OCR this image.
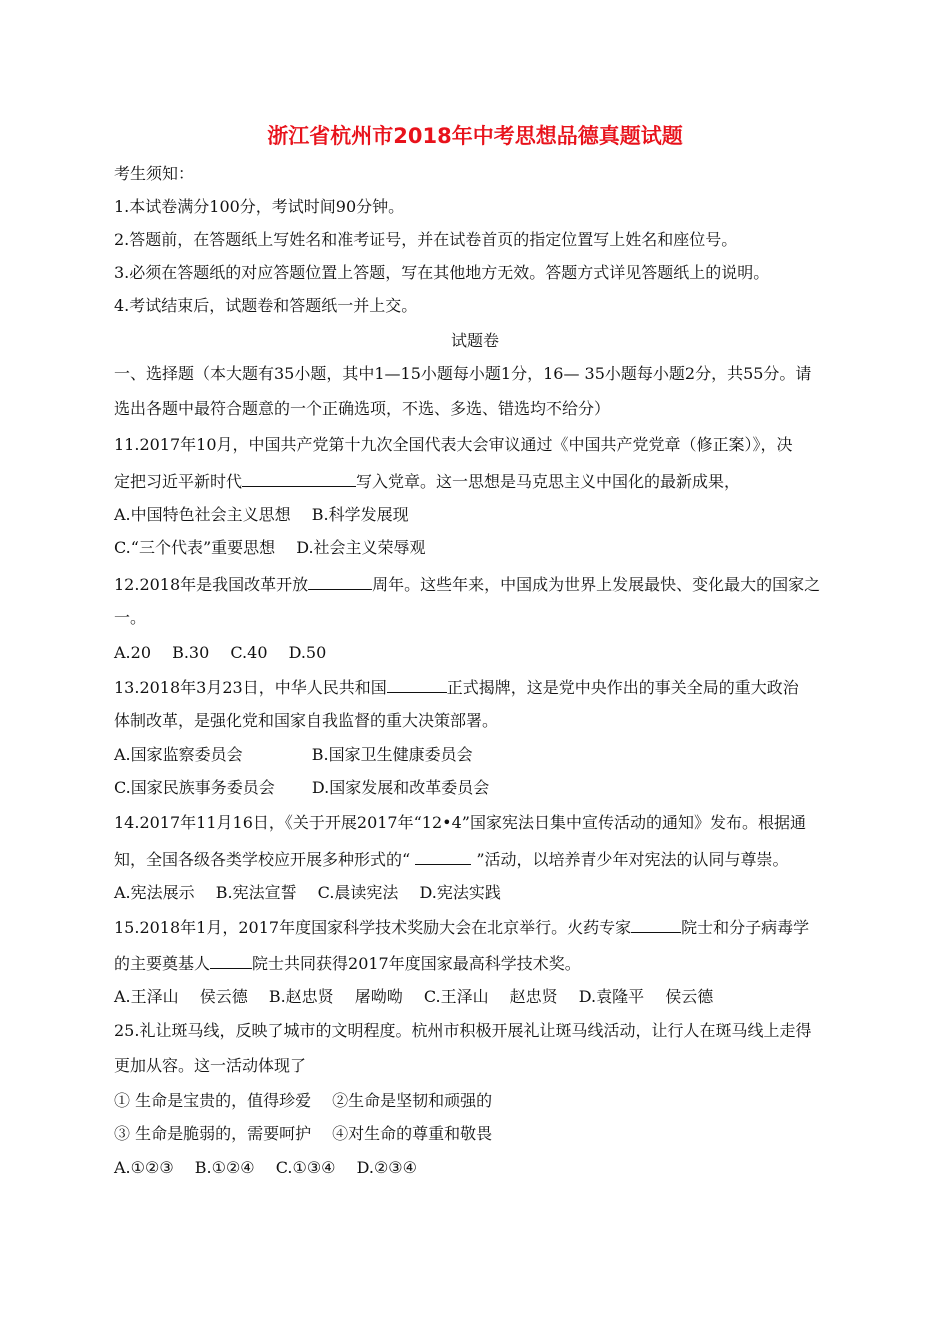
浙江省杭州市2018年中考思想品德真题试题
考生须知：
1.本试卷满分100分，考试时间90分钟。
2.答题前，在答题纸上写姓名和准考证号，并在试卷首页的指定位置写上姓名和座位号。
3.必须在答题纸的对应答题位置上答题，写在其他地方无效。答题方式详见答题纸上的说明。
4.考试结束后，试题卷和答题纸一并上交。
试题卷
一、选择题（本大题有35小题，其中1—15小题每小题1分，16— 35小题每小题2分，共55分。请
选出各题中最符合题意的一个正确选项，不选、多选、错选均不给分）
11.2017年10月，中国共产党第十九次全国代表大会审议通过《中国共产党党章（修正案）》，决
定把习近平新时代	写入党章。这一思想是马克思主义中国化的最新成果，
A.中国特色社会主义思想　 B.科学发展现
C.“三个代表”重要思想　 D.社会主义荣辱观
12.2018年是我国改革开放	周年。这些年来，中国成为世界上发展最快、变化最大的国家之
一。
A.20　 B.30　 C.40　 D.50
13.2018年3月23日，中华人民共和国	正式揭牌，这是党中央作出的事关全局的重大政治
体制改革，是强化党和国家自我监督的重大决策部署。
A.国家监察委员会　　　　 B.国家卫生健康委员会
C.国家民族事务委员会　　 D.国家发展和改革委员会
14.2017年11月16日，《关于开展2017年“12•4”国家宪法日集中宣传活动的通知》发布。根据通
知，全国各级各类学校应开展多种形式的“	”活动，以培养青少年对宪法的认同与尊崇。
A.宪法展示　 B.宪法宣誓　 C.晨读宪法　 D.宪法实践
15.2018年1月，2017年度国家科学技术奖励大会在北京举行。火药专家	院士和分子病毒学
的主要奠基人	院士共同获得2017年度国家最高科学技术奖。
A.王泽山　 侯云德　 B.赵忠贤　 屠呦呦　 C.王泽山　 赵忠贤　 D.袁隆平　 侯云德
25.礼让斑马线，反映了城市的文明程度。杭州市积极开展礼让斑马线活动，让行人在斑马线上走得
更加从容。这一活动体现了
① 生命是宝贵的，值得珍爱　 ②生命是坚韧和顽强的
③ 生命是脆弱的，需要呵护　 ④对生命的尊重和敬畏
A.①②③　 B.①②④　 C.①③④　 D.②③④
